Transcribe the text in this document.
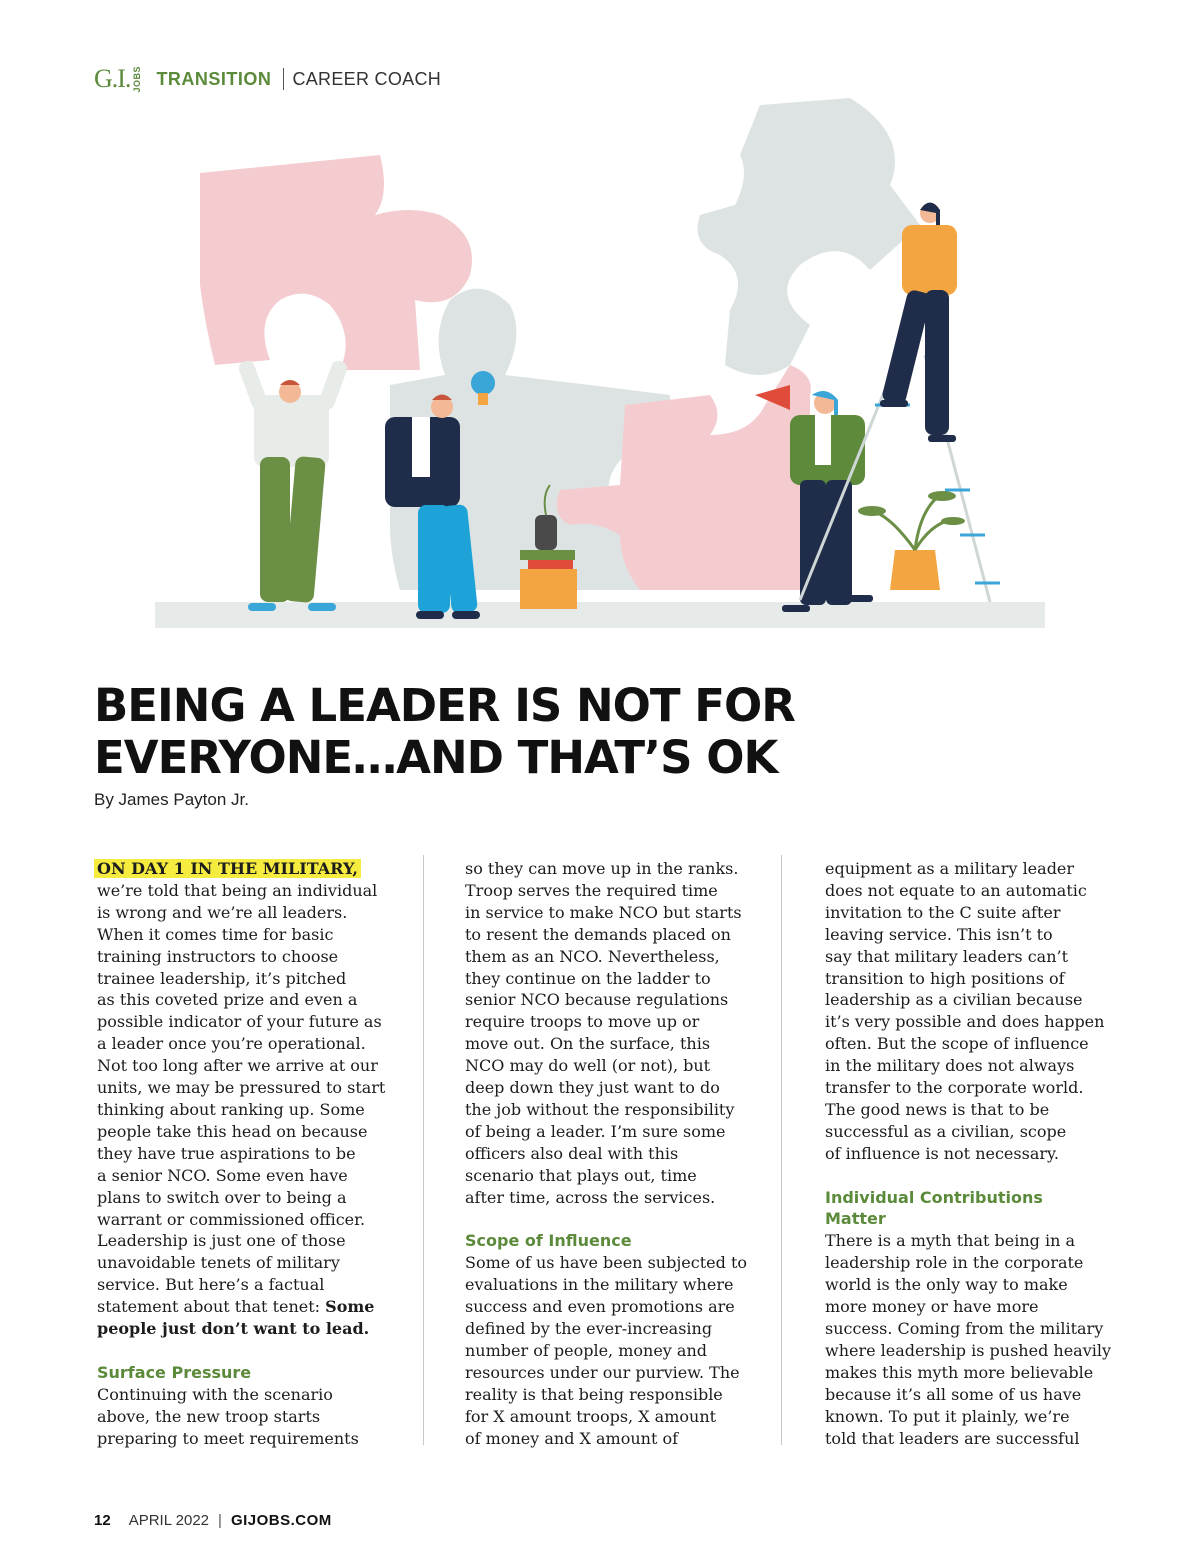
G.I. JOBS TRANSITION CAREER COACH
BEING A LEADER IS NOT FOR
EVERYONE…AND THAT’S OK
By James Payton Jr.
ON DAY 1 IN THE MILITARY,
we’re told that being an individual
is wrong and we’re all leaders.
When it comes time for basic
training instructors to choose
trainee leadership, it’s pitched
as this coveted prize and even a
possible indicator of your future as
a leader once you’re operational.
Not too long after we arrive at our
units, we may be pressured to start
thinking about ranking up. Some
people take this head on because
they have true aspirations to be
a senior NCO. Some even have
plans to switch over to being a
warrant or commissioned officer.
Leadership is just one of those
unavoidable tenets of military
service. But here’s a factual
statement about that tenet: Some
people just don’t want to lead.
Surface Pressure
Continuing with the scenario
above, the new troop starts
preparing to meet requirements
so they can move up in the ranks.
Troop serves the required time
in service to make NCO but starts
to resent the demands placed on
them as an NCO. Nevertheless,
they continue on the ladder to
senior NCO because regulations
require troops to move up or
move out. On the surface, this
NCO may do well (or not), but
deep down they just want to do
the job without the responsibility
of being a leader. I’m sure some
officers also deal with this
scenario that plays out, time
after time, across the services.
Scope of Influence
Some of us have been subjected to
evaluations in the military where
success and even promotions are
defined by the ever-increasing
number of people, money and
resources under our purview. The
reality is that being responsible
for X amount troops, X amount
of money and X amount of
equipment as a military leader
does not equate to an automatic
invitation to the C suite after
leaving service. This isn’t to
say that military leaders can’t
transition to high positions of
leadership as a civilian because
it’s very possible and does happen
often. But the scope of influence
in the military does not always
transfer to the corporate world.
The good news is that to be
successful as a civilian, scope
of influence is not necessary.
Individual Contributions
Matter
There is a myth that being in a
leadership role in the corporate
world is the only way to make
more money or have more
success. Coming from the military
where leadership is pushed heavily
makes this myth more believable
because it’s all some of us have
known. To put it plainly, we’re
told that leaders are successful
12 APRIL 2022 | GIJOBS.COM
